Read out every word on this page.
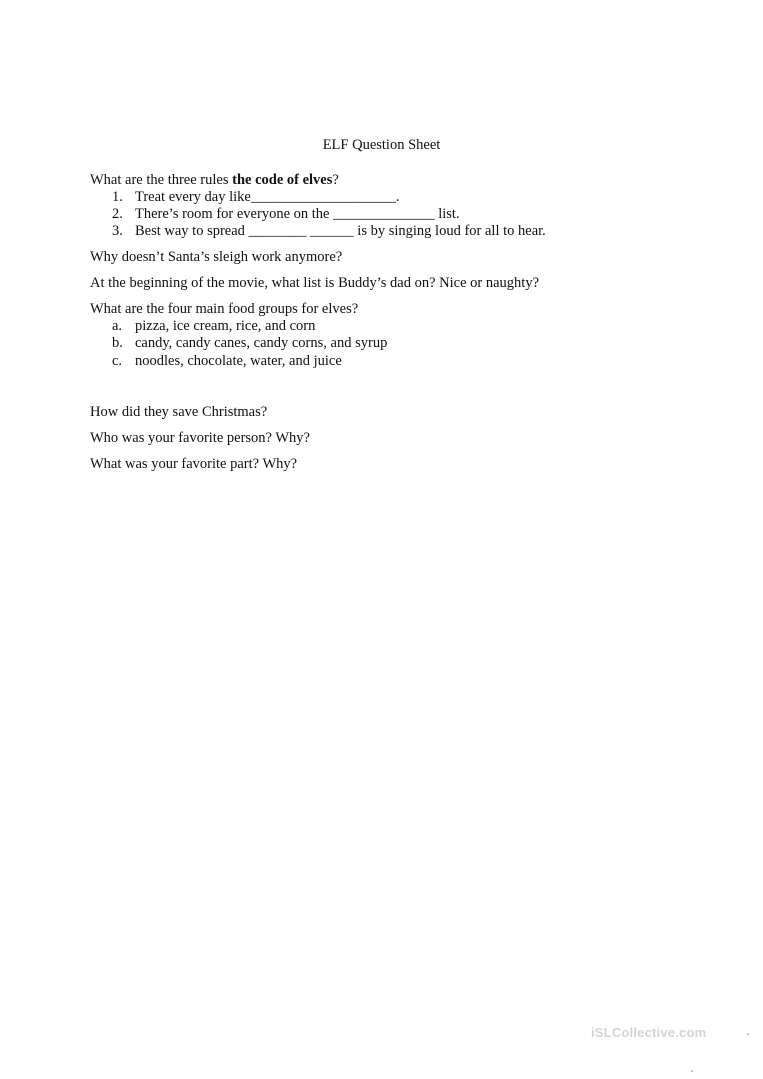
ELF Question Sheet
What are the three rules the code of elves?
1. Treat every day like____________________.
2. There’s room for everyone on the ______________ list.
3. Best way to spread ________ ______ is by singing loud for all to hear.
Why doesn’t Santa’s sleigh work anymore?
At the beginning of the movie, what list is Buddy’s dad on? Nice or naughty?
What are the four main food groups for elves?
a. pizza, ice cream, rice, and corn
b. candy, candy canes, candy corns, and syrup
c. noodles, chocolate, water, and juice
How did they save Christmas?
Who was your favorite person? Why?
What was your favorite part? Why?
iSLCollective.com
